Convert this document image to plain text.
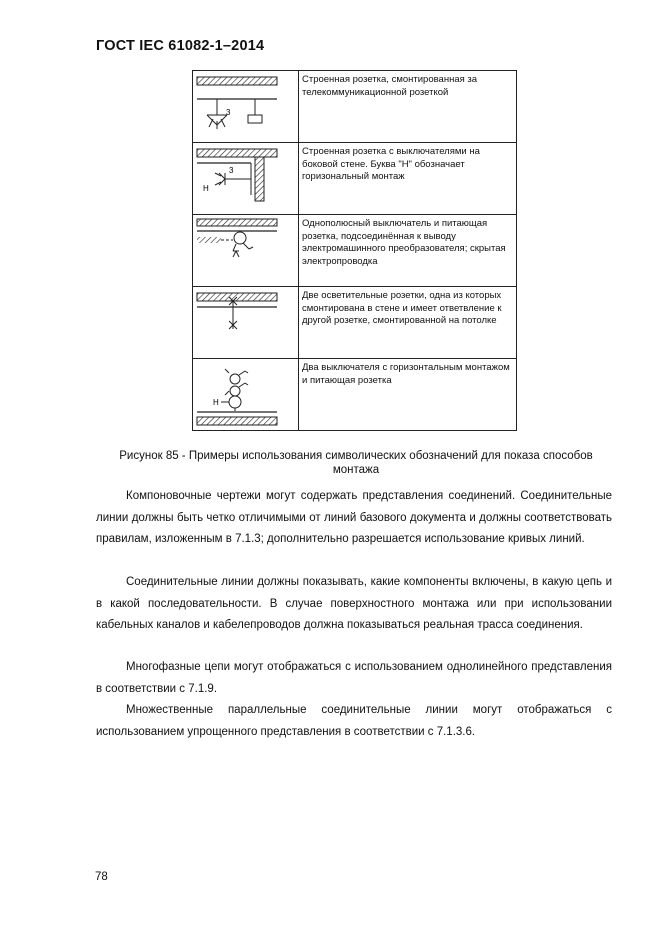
ГОСТ IEC 61082-1–2014
3	Строенная розетка, смонтированная за телекоммуникационной розеткой

3
H	Строенная розетка с выключателями на боковой стене. Буква "Н" обозначает горизональный монтаж

	Однополюсный выключатель и питающая розетка, подсоединённая к выводу электромашинного преобразователя; скрытая электропроводка

	Две осветительные розетки, одна из которых смонтирована в стене и имеет ответвление к другой розетке, смонтированной на потолке

H	Два выключателя с горизонтальным монтажом и питающая розетка
Рисунок 85 - Примеры использования символических обозначений для показа способов монтажа

Компоновочные чертежи могут содержать представления соединений. Соединительные линии должны быть четко отличимыми от линий базового документа и должны соответствовать правилам, изложенным в 7.1.3; дополнительно разрешается использование кривых линий.

Соединительные линии должны показывать, какие компоненты включены, в какую цепь и в какой последовательности. В случае поверхностного монтажа или при использовании кабельных каналов и кабелепроводов должна показываться реальная трасса соединения.

Многофазные цепи могут отображаться с использованием однолинейного представления в соответствии с 7.1.9.

Множественные параллельные соединительные линии могут отображаться с использованием упрощенного представления в соответствии с 7.1.3.6.

78
